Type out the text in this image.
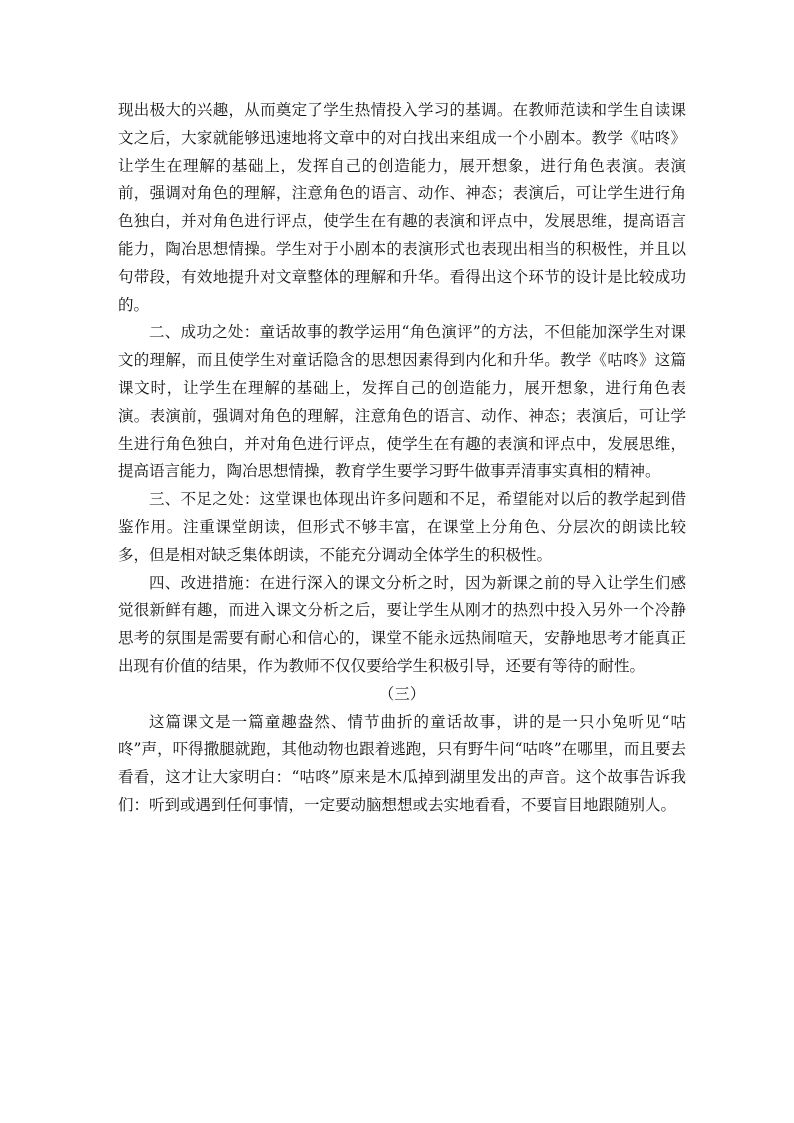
现出极大的兴趣，从而奠定了学生热情投入学习的基调。在教师范读和学生自读课文之后，大家就能够迅速地将文章中的对白找出来组成一个小剧本。教学《咕咚》让学生在理解的基础上，发挥自己的创造能力，展开想象，进行角色表演。表演前，强调对角色的理解，注意角色的语言、动作、神态；表演后，可让学生进行角色独白，并对角色进行评点，使学生在有趣的表演和评点中，发展思维，提高语言能力，陶冶思想情操。学生对于小剧本的表演形式也表现出相当的积极性，并且以句带段，有效地提升对文章整体的理解和升华。看得出这个环节的设计是比较成功的。

二、成功之处：童话故事的教学运用“角色演评”的方法，不但能加深学生对课文的理解，而且使学生对童话隐含的思想因素得到内化和升华。教学《咕咚》这篇课文时，让学生在理解的基础上，发挥自己的创造能力，展开想象，进行角色表演。表演前，强调对角色的理解，注意角色的语言、动作、神态；表演后，可让学生进行角色独白，并对角色进行评点，使学生在有趣的表演和评点中，发展思维，提高语言能力，陶冶思想情操，教育学生要学习野牛做事弄清事实真相的精神。

三、不足之处：这堂课也体现出许多问题和不足，希望能对以后的教学起到借鉴作用。注重课堂朗读，但形式不够丰富，在课堂上分角色、分层次的朗读比较多，但是相对缺乏集体朗读，不能充分调动全体学生的积极性。

四、改进措施：在进行深入的课文分析之时，因为新课之前的导入让学生们感觉很新鲜有趣，而进入课文分析之后，要让学生从刚才的热烈中投入另外一个冷静思考的氛围是需要有耐心和信心的，课堂不能永远热闹喧天，安静地思考才能真正出现有价值的结果，作为教师不仅仅要给学生积极引导，还要有等待的耐性。

（三）

这篇课文是一篇童趣盎然、情节曲折的童话故事，讲的是一只小兔听见“咕咚”声，吓得撒腿就跑，其他动物也跟着逃跑，只有野牛问“咕咚”在哪里，而且要去看看，这才让大家明白：“咕咚”原来是木瓜掉到湖里发出的声音。这个故事告诉我们：听到或遇到任何事情，一定要动脑想想或去实地看看，不要盲目地跟随别人。
